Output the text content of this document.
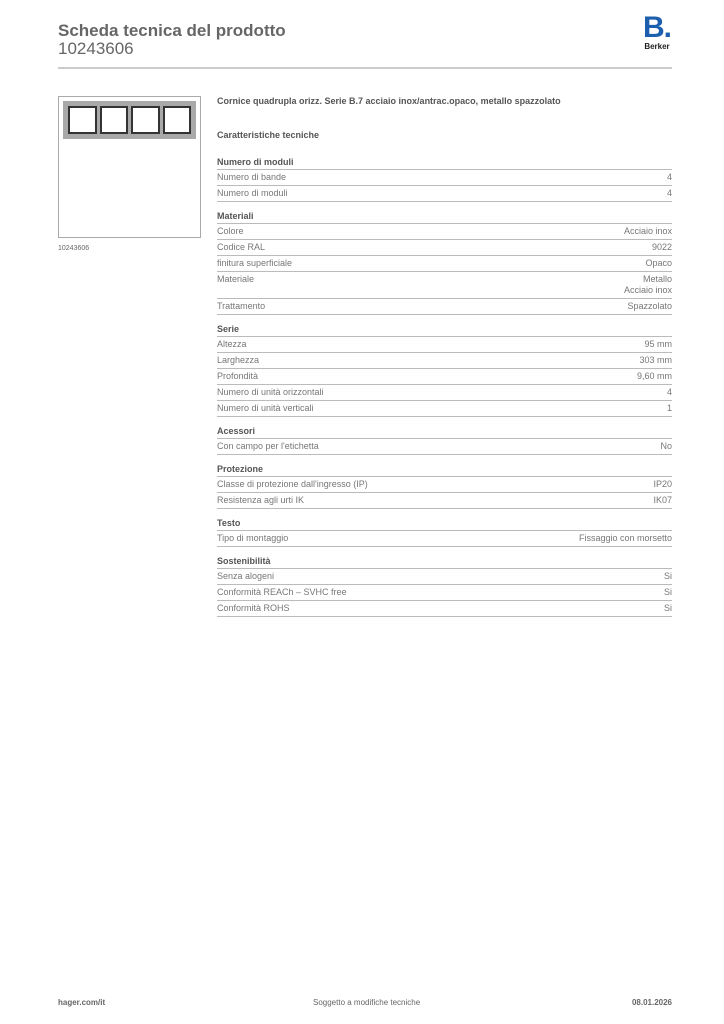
Scheda tecnica del prodotto
10243606
B.
Berker
10243606
Cornice quadrupla orizz. Serie B.7 acciaio inox/antrac.opaco, metallo spazzolato
Caratteristiche tecniche
Numero di moduli
Numero di bande	4
Numero di moduli	4
Materiali
Colore	Acciaio inox
Codice RAL	9022
finitura superficiale	Opaco
Materiale	Metallo
Acciaio inox
Trattamento	Spazzolato
Serie
Altezza	95 mm
Larghezza	303 mm
Profondità	9,60 mm
Numero di unità orizzontali	4
Numero di unità verticali	1
Acessori
Con campo per l'etichetta	No
Protezione
Classe di protezione dall'ingresso (IP)	IP20
Resistenza agli urti IK	IK07
Testo
Tipo di montaggio	Fissaggio con morsetto
Sostenibilità
Senza alogeni	Si
Conformità REACh – SVHC free	Si
Conformità ROHS	Si
hager.com/it	Soggetto a modifiche tecniche	08.01.2026
